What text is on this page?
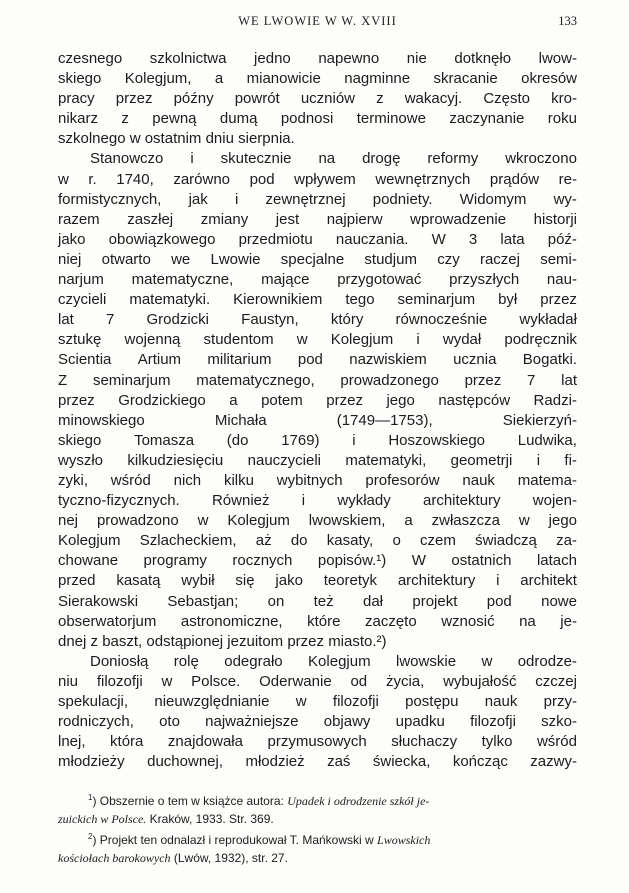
WE LWOWIE W W. XVIII	133
czesnego szkolnictwa jedno napewno nie dotknęło lwow-
skiego Kolegjum, a mianowicie nagminne skracanie okresów
pracy przez późny powrót uczniów z wakacyj. Często kro-
nikarz z pewną dumą podnosi terminowe zaczynanie roku
szkolnego w ostatnim dniu sierpnia.
Stanowczo i skutecznie na drogę reformy wkroczono
w r. 1740, zarówno pod wpływem wewnętrznych prądów re-
formistycznych, jak i zewnętrznej podniety. Widomym wy-
razem zaszłej zmiany jest najpierw wprowadzenie historji
jako obowiązkowego przedmiotu nauczania. W 3 lata póź-
niej otwarto we Lwowie specjalne studjum czy raczej semi-
narjum matematyczne, mające przygotować przyszłych nau-
czycieli matematyki. Kierownikiem tego seminarjum był przez
lat 7 Grodzicki Faustyn, który równocześnie wykładał
sztukę wojenną studentom w Kolegjum i wydał podręcznik
Scientia Artium militarium pod nazwiskiem ucznia Bogatki.
Z seminarjum matematycznego, prowadzonego przez 7 lat
przez Grodzickiego a potem przez jego następców Radzi-
minowskiego	Michała	(1749—1753),	Siekierzyń-
skiego Tomasza (do 1769) i Hoszowskiego Ludwika,
wyszło kilkudziesięciu nauczycieli matematyki, geometrji i fi-
zyki, wśród nich kilku wybitnych profesorów nauk matema-
tyczno-fizycznych. Również i wykłady architektury wojen-
nej prowadzono w Kolegjum lwowskiem, a zwłaszcza w jego
Kolegjum Szlacheckiem, aż do kasaty, o czem świadczą za-
chowane programy rocznych popisów.¹) W ostatnich latach
przed kasatą wybił się jako teoretyk architektury i architekt
Sierakowski Sebastjan; on też dał projekt pod nowe
obserwatorjum astronomiczne, które zaczęto wznosić na je-
dnej z baszt, odstąpionej jezuitom przez miasto.²)
Doniosłą rolę odegrało Kolegjum lwowskie w odrodze-
niu filozofji w Polsce. Oderwanie od życia, wybujałość czczej
spekulacji, nieuwzględnianie w filozofji postępu nauk przy-
rodniczych, oto najważniejsze objawy upadku filozofji szko-
lnej, która znajdowała przymusowych słuchaczy tylko wśród
młodzieży duchownej, młodzież zaś świecka, kończąc zazwy-
$^1$) Obszernie o tem w książce autora: Upadek i odrodzenie szkół je-
zuickich w Polsce. Kraków, 1933. Str. 369.
$^2$) Projekt ten odnalazł i reprodukował T. Mańkowski w Lwowskich
kościołach barokowych (Lwów, 1932), str. 27.
